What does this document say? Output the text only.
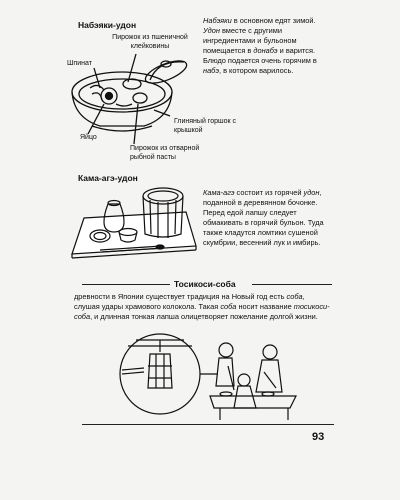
Набэяки-удон
Пирожок из пшеничной клейковины
Шпинат
Глиняный горшок с крышкой
Яйцо
Пирожок из отварной рыбной пасты
Набэяки в основном едят зимой. Удон вместе с другими ингредиентами и бульоном помещается в донабэ и варится. Блюдо подается очень горячим в набэ, в котором варилось.
Кама-агэ-удон
Кама-агэ состоит из горячей удон, поданной в деревянном бочонке. Перед едой лапшу следует обмакивать в горячий бульон. Туда также кладутся ломтики сушеной скумбрии, весенний лук и имбирь.
Тосикоси-соба
древности в Японии существует традиция на Новый год есть соба, слушая удары храмового колокола. Такая соба носит название тосикоси-соба, и длинная тонкая лапша олицетворяет пожелание долгой жизни.
93
